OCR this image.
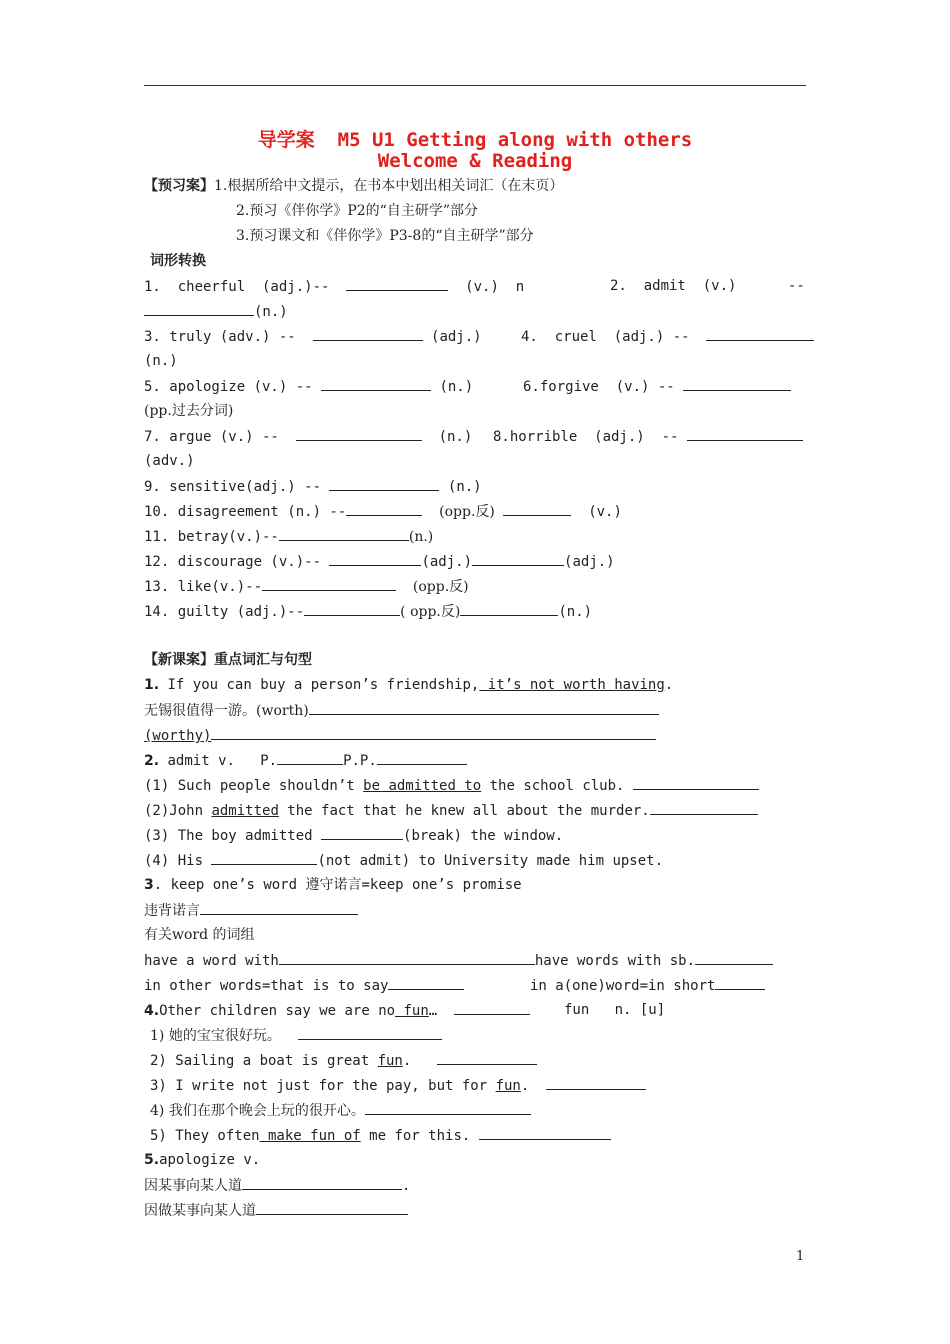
导学案  M5 U1 Getting along with others
Welcome & Reading
【预习案】1.根据所给中文提示，在书本中划出相关词汇（在末页）
2.预习《伴你学》P2的“自主研学”部分
3.预习课文和《伴你学》P3-8的“自主研学”部分
词形转换
1.  cheerful  (adj.)--	(v.)  n	2.  admit  (v.)	--
(n.)
3. truly (adv.) --	(adj.)	4.  cruel  (adj.) --
(n.)
5. apologize (v.) --	(n.)	6.forgive  (v.) --
(pp.过去分词)
7. argue (v.) --	(n.) 8.horrible  (adj.)  --
(adv.)
9. sensitive(adj.) --	(n.)
10. disagreement (n.) --	(opp.反)	(v.)
11. betray(v.)--	(n.)
12. discourage (v.)--	(adj.)	(adj.)
13. like(v.)--	(opp.反)
14. guilty (adj.)--	( opp.反)	(n.)
【新课案】重点词汇与句型
1. If you can buy a person’s friendship, it’s not worth having.
无锡很值得一游。(worth)
(worthy)
2. admit v.   P.	P.P.
(1) Such people shouldn’t be admitted to the school club.
(2)John admitted the fact that he knew all about the murder.
(3) The boy admitted	(break) the window.
(4) His	(not admit) to University made him upset.
3. keep one’s word 遵守诺言=keep one’s promise
违背诺言
有关word 的词组
have a word with	have words with sb.
in other words=that is to say	in a(one)word=in short
4.Other children say we are no fun…	fun   n. [u]
1) 她的宝宝很好玩。
2) Sailing a boat is great fun.
3) I write not just for the pay, but for fun.
4) 我们在那个晚会上玩的很开心。
5) They often make fun of me for this.
5.apologize v.
因某事向某人道	.
因做某事向某人道
1
